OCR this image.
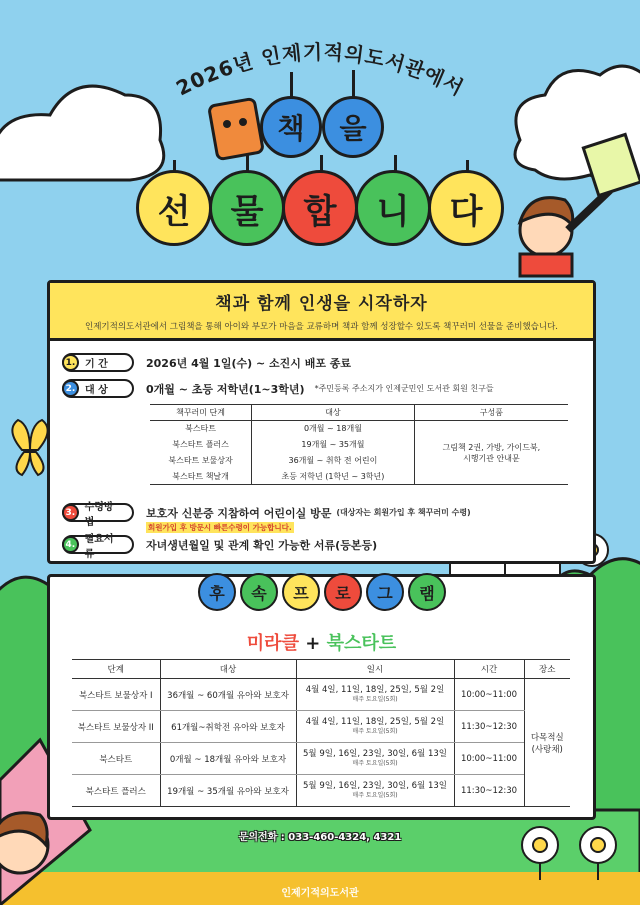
2026년 인제기적의도서관에서
책 을
선 물 합 니 다
책과 함께 인생을 시작하자

인제기적의도서관에서 그림책을 통해 아이와 부모가 마음을 교류하며 책과 함께 성장할수 있도록 책꾸러미 선물을 준비했습니다.

1. 기 간	2026년 4월 1일(수) ~ 소진시 배포 종료
2. 대 상	0개월 ~ 초등 저학년(1~3학년) *주민등록 주소지가 인제군민인 도서관 회원 친구들
책꾸러미 단계	대상	구성품
북스타트	0개월 ~ 18개월	그림책 2권, 가방, 가이드북,
시행기관 안내문
북스타트 플러스	19개월 ~ 35개월	
북스타트 보물상자	36개월 ~ 취학 전 어린이	
북스타트 책날개	초등 저학년 (1학년 ~ 3학년)	
3. 수령방법
보호자 신분증 지참하여 어린이실 방문 (대상자는 회원가입 후 책꾸러미 수령)
회원가입 후 방문시 빠른수령이 가능합니다.
4. 필요서류
자녀생년월일 및 관계 확인 가능한 서류(등본등)
후	속	프	로	그	램
미라클 + 북스타트
단계	대상	일시	시간	장소
북스타트 보물상자 I	36개월 ~ 60개월 유아와 보호자	4월 4일, 11일, 18일, 25일, 5월 2일
매주 토요일(5회)	10:00~11:00	다목적실
(사랑채)
북스타트 보물상자 II	61개월~취학전 유아와 보호자	4월 4일, 11일, 18일, 25일, 5월 2일
매주 토요일(5회)	11:30~12:30	
북스타트	0개월 ~ 18개월 유아와 보호자	5월 9일, 16일, 23일, 30일, 6월 13일
매주 토요일(5회)	10:00~11:00	
북스타트 플러스	19개월 ~ 35개월 유아와 보호자	5월 9일, 16일, 23일, 30일, 6월 13일
매주 토요일(5회)	11:30~12:30	
문의전화 : 033-460-4324, 4321
인제기적의도서관
